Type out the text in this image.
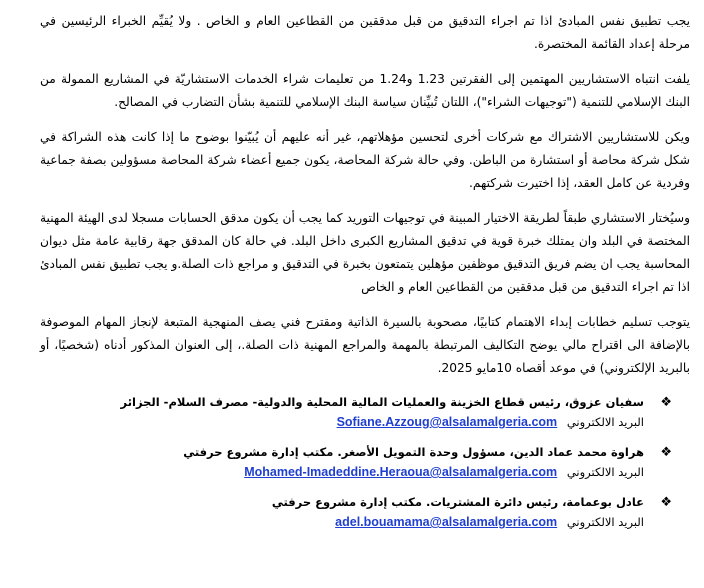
يجب تطبيق نفس المبادئ اذا تم اجراء التدقيق من قبل مدققين من القطاعين العام و الخاص . ولا يُقيِّم الخبراء الرئيسين في مرحلة إعداد القائمة المختصرة.

يلفت انتباه الاستشاريين المهتمين إلى الفقرتين 1.23 و1.24 من تعليمات شراء الخدمات الاستشاريّة في المشاريع الممولة من البنك الإسلامي للتنمية ("توجيهات الشراء")، اللتان تُبيِّنان سياسة البنك الإسلامي للتنمية بشأن التضارب في المصالح.

ويكن للاستشاريين الاشتراك مع شركات أخرى لتحسين مؤهلاتهم، غير أنه عليهم أن يُبيّنوا بوضوح ما إذا كانت هذه الشراكة في شكل شركة محاصة أو استشارة من الباطن. وفي حالة شركة المحاصة، يكون جميع أعضاء شركة المحاصة مسؤولين بصفة جماعية وفردية عن كامل العقد، إذا اختيرت شركتهم.

وسيُختار الاستشاري طبقاً لطريقة الاختيار المبينة في توجيهات التوريد كما يجب أن يكون مدقق الحسابات مسجلا لدى الهيئة المهنية المختصة في البلد وان يمتلك خبرة قوية في تدقيق المشاريع الكبرى داخل البلد. في حالة كان المدقق جهة رقابية عامة مثل ديوان المحاسبة يجب ان يضم فريق التدقيق موظفين مؤهلين يتمتعون بخبرة في التدقيق و مراجع ذات الصلة.و يجب تطبيق نفس المبادئ اذا تم اجراء التدقيق من قبل مدققين من القطاعين العام و الخاص

يتوجب تسليم خطابات إبداء الاهتمام كتابيًا، مصحوبة بالسيرة الذاتية ومقترح فني يصف المنهجية المتبعة لإنجاز المهام الموصوفة بالإضافة الى اقتراح مالي يوضح التكاليف المرتبطة بالمهمة والمراجع المهنية ذات الصلة.، إلى العنوان المذكور أدناه (شخصيًا، أو بالبريد الإلكتروني) في موعد أقصاه 10مايو 2025.

❖
سفيان عزوق، رئيس قطاع الخزينة والعمليات المالية المحلية والدولية- مصرف السلام- الجزائر
البريد الالكتروني Sofiane.Azzoug@alsalamalgeria.com
❖
هراوة محمد عماد الدين، مسؤول وحدة التمويل الأصغر. مكتب إدارة مشروع حرفتي
البريد الالكتروني Mohamed-Imadeddine.Heraoua@alsalamalgeria.com
❖
عادل بوعمامة، رئيس دائرة المشتريات. مكتب إدارة مشروع حرفتي
البريد الالكتروني adel.bouamama@alsalamalgeria.com
